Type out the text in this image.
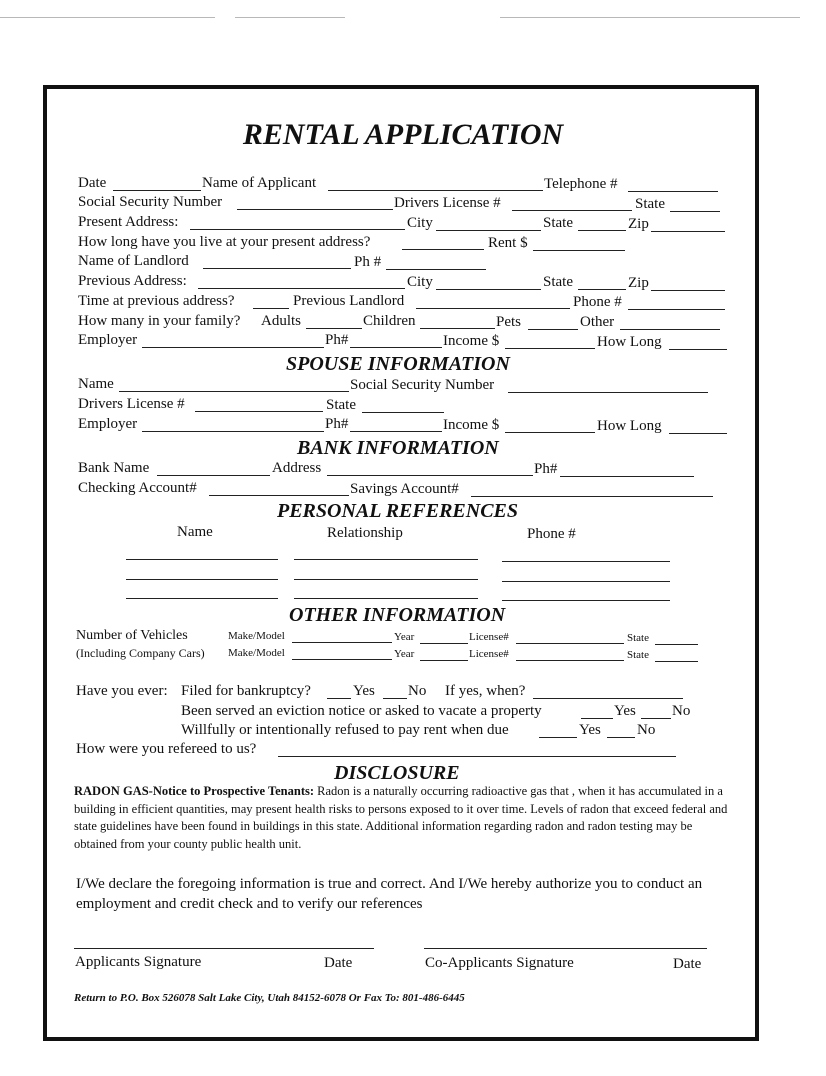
RENTAL APPLICATION
Date	Name of Applicant	Telephone #
Social Security Number	Drivers License #	State
Present Address:	City	State	Zip
How long have you live at your present address?	Rent $
Name of Landlord	Ph #
Previous Address:	City	State	Zip
Time at previous address?	Previous Landlord	Phone #
How many in your family? Adults	Children	Pets	Other
Employer	Ph#	Income $	How Long
SPOUSE INFORMATION
Name	Social Security Number
Drivers License #	State
Employer	Ph#	Income $	How Long
BANK INFORMATION
Bank Name	Address	Ph#
Checking Account#	Savings Account#
PERSONAL REFERENCES
Name	Relationship	Phone #
OTHER INFORMATION
Number of Vehicles	Make/Model	Year	License#	State
(Including Company Cars) Make/Model	Year	License#	State
Have you ever: Filed for bankruptcy?	Yes No If yes, when?
Been served an eviction notice or asked to vacate a property	Yes No
Willfully or intentionally refused to pay rent when due	Yes No
How were you refereed to us?
DISCLOSURE
RADON GAS-Notice to Prospective Tenants: Radon is a naturally occurring radioactive gas that , when it has accumulated in a building in efficient quantities, may present health risks to persons exposed to it over time. Levels of radon that exceed federal and state guidelines have been found in buildings in this state. Additional information regarding radon and radon testing may be obtained from your county public health unit.
I/We declare the foregoing information is true and correct. And I/We hereby authorize you to conduct an employment and credit check and to verify our references
Applicants Signature	Date	Co-Applicants Signature	Date
Return to P.O. Box 526078 Salt Lake City, Utah 84152-6078 Or Fax To: 801-486-6445
